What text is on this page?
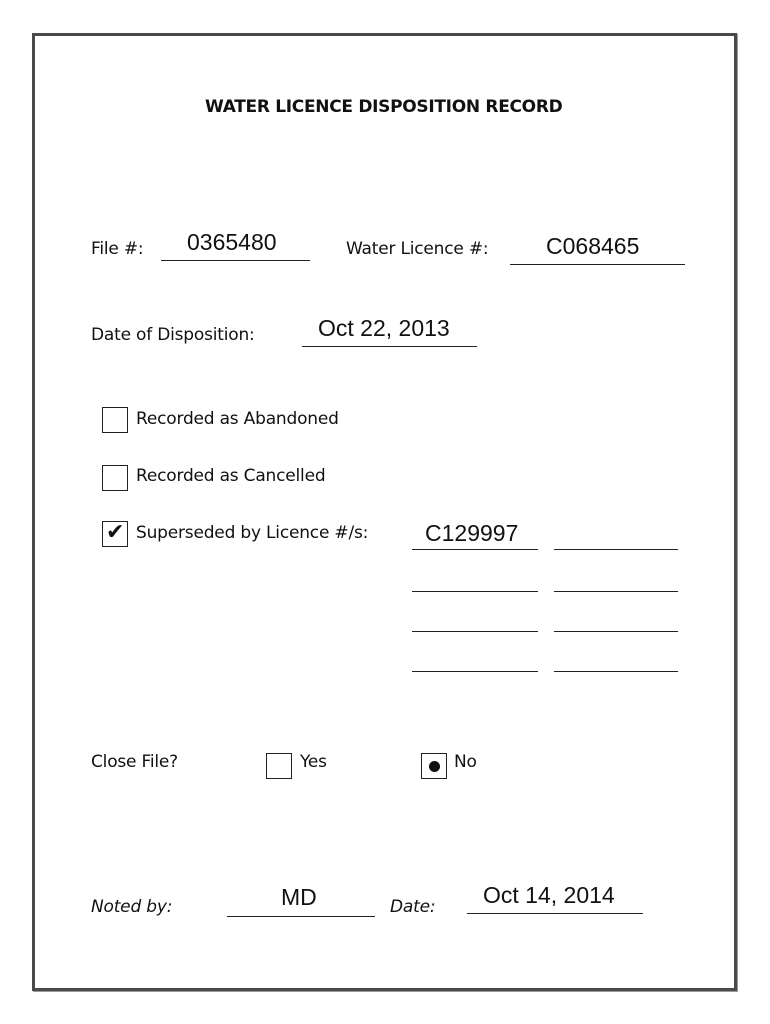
WATER LICENCE DISPOSITION RECORD
File #: 0365480	Water Licence #:	C068465
Date of Disposition:	Oct 22, 2013
Recorded as Abandoned
Recorded as Cancelled
✔ Superseded by Licence #/s: C129997
Close File?	Yes	No
Noted by:	MD	Date: Oct 14, 2014
